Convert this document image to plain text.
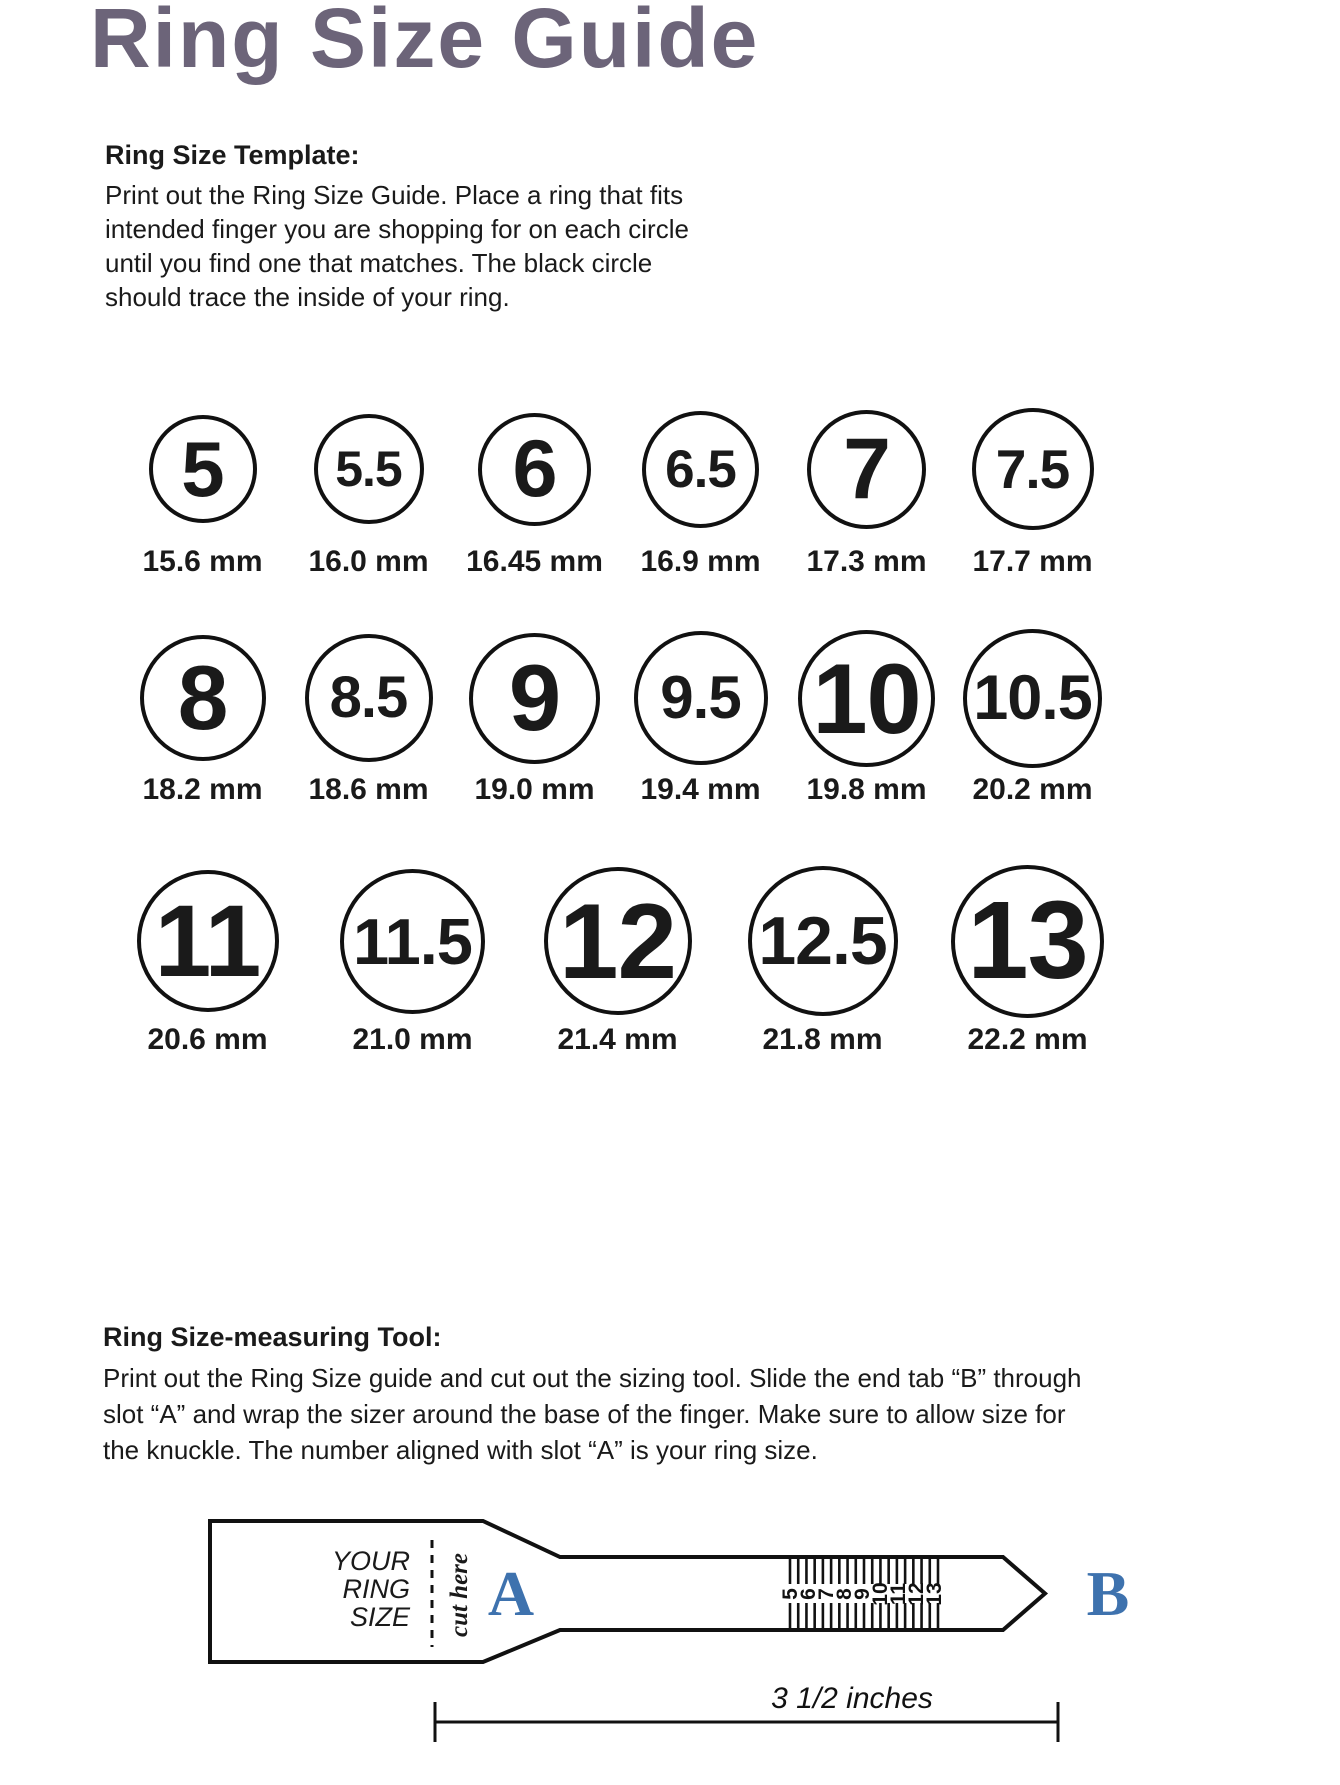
Ring Size Guide
Ring Size Template:
Print out the Ring Size Guide. Place a ring that fits
intended finger you are shopping for on each circle
until you find one that matches. The black circle
should trace the inside of your ring.
5
15.6 mm
5.5
16.0 mm
6
16.45 mm
6.5
16.9 mm
7
17.3 mm
7.5
17.7 mm
8
18.2 mm
8.5
18.6 mm
9
19.0 mm
9.5
19.4 mm
10
19.8 mm
10.5
20.2 mm
11
20.6 mm
11.5
21.0 mm
12
21.4 mm
12.5
21.8 mm
13
22.2 mm
Ring Size-measuring Tool:
Print out the Ring Size guide and cut out the sizing tool. Slide the end tab “B” through
slot “A” and wrap the sizer around the base of the finger. Make sure to allow size for
the knuckle. The number aligned with slot “A” is your ring size.
YOUR
RING
SIZE cut here A	5
6
7
8
9
10
11
12
13 B
3 1/2 inches
